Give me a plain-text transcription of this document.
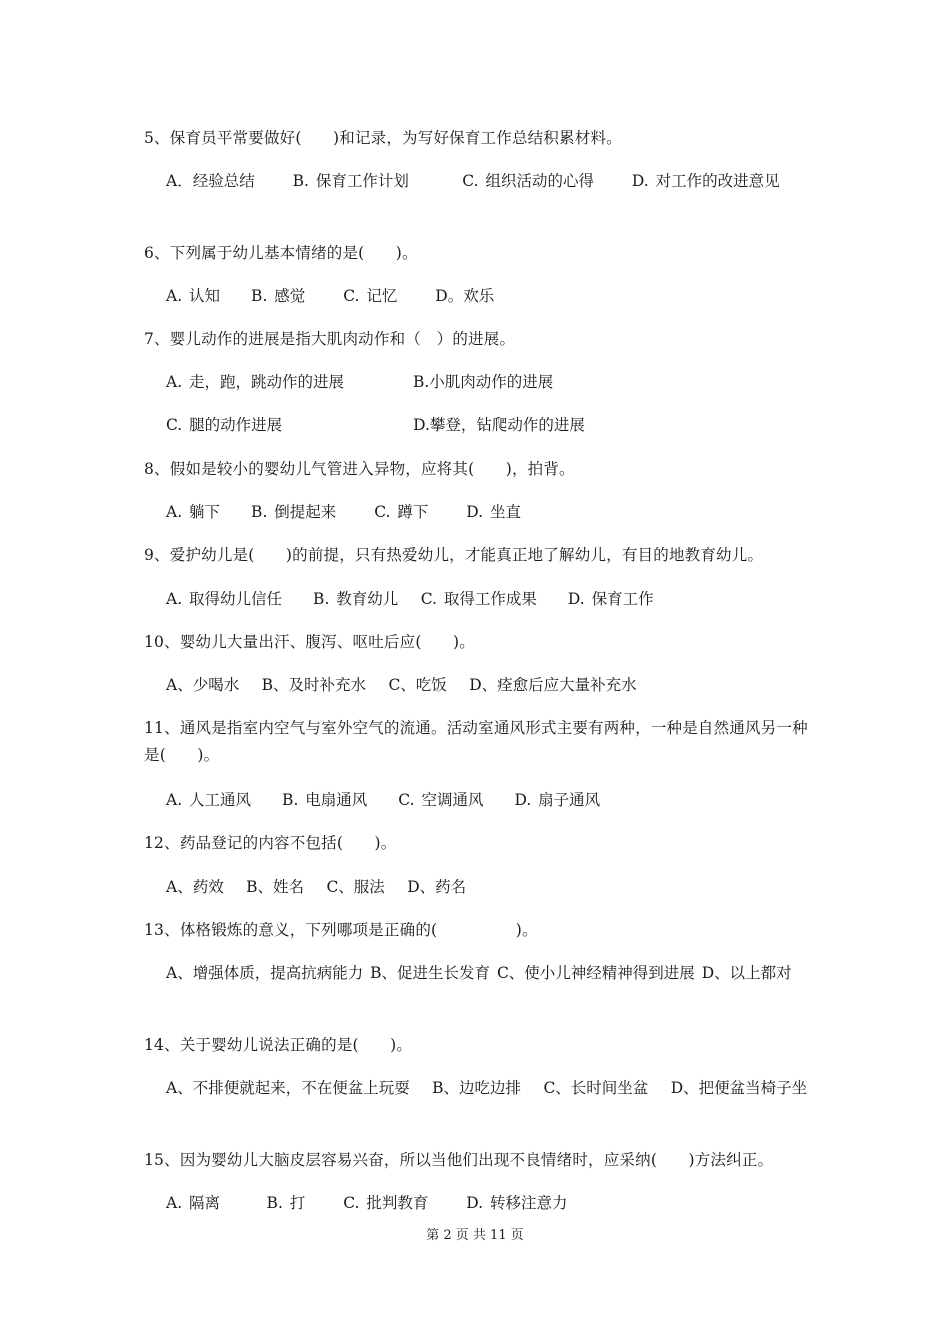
5、保育员平常要做好(　　)和记录，为写好保育工作总结积累材料。

A．经验总结　　 B. 保育工作计划　　　 C. 组织活动的心得　　 D. 对工作的改进意见

6、下列属于幼儿基本情绪的是(　　)。

A. 认知　　B. 感觉　　 C. 记忆　　 D。欢乐

7、婴儿动作的进展是指大肌肉动作和（　）的进展。

A. 走，跑，跳动作的进展　　　　 B.小肌肉动作的进展

C. 腿的动作进展　　　　　　　　 D.攀登，钻爬动作的进展

8、假如是较小的婴幼儿气管进入异物，应将其(　　)，拍背。

A. 躺下　　B. 倒提起来　　 C. 蹲下　　 D. 坐直

9、爱护幼儿是(　　)的前提，只有热爱幼儿，才能真正地了解幼儿，有目的地教育幼儿。

A. 取得幼儿信任　　B. 教育幼儿　 C. 取得工作成果　　D. 保育工作

10、婴幼儿大量出汗、腹泻、呕吐后应(　　)。

A、少喝水　 B、及时补充水　 C、吃饭　 D、痊愈后应大量补充水

11、通风是指室内空气与室外空气的流通。活动室通风形式主要有两种，一种是自然通风另一种是(　　)。

A. 人工通风　　B. 电扇通风　　C. 空调通风　　D. 扇子通风

12、药品登记的内容不包括(　　)。

A、药效　 B、姓名　 C、服法　 D、药名

13、体格锻炼的意义，下列哪项是正确的(　　　　　)。

A、增强体质，提高抗病能力 B、促进生长发育 C、使小儿神经精神得到进展 D、以上都对

14、关于婴幼儿说法正确的是(　　)。

A、不排便就起来，不在便盆上玩耍　 B、边吃边排　 C、长时间坐盆　 D、把便盆当椅子坐

15、因为婴幼儿大脑皮层容易兴奋，所以当他们出现不良情绪时，应采纳(　　)方法纠正。

A. 隔离　　　B. 打　　 C. 批判教育　　 D. 转移注意力

第 2 页 共 11 页
